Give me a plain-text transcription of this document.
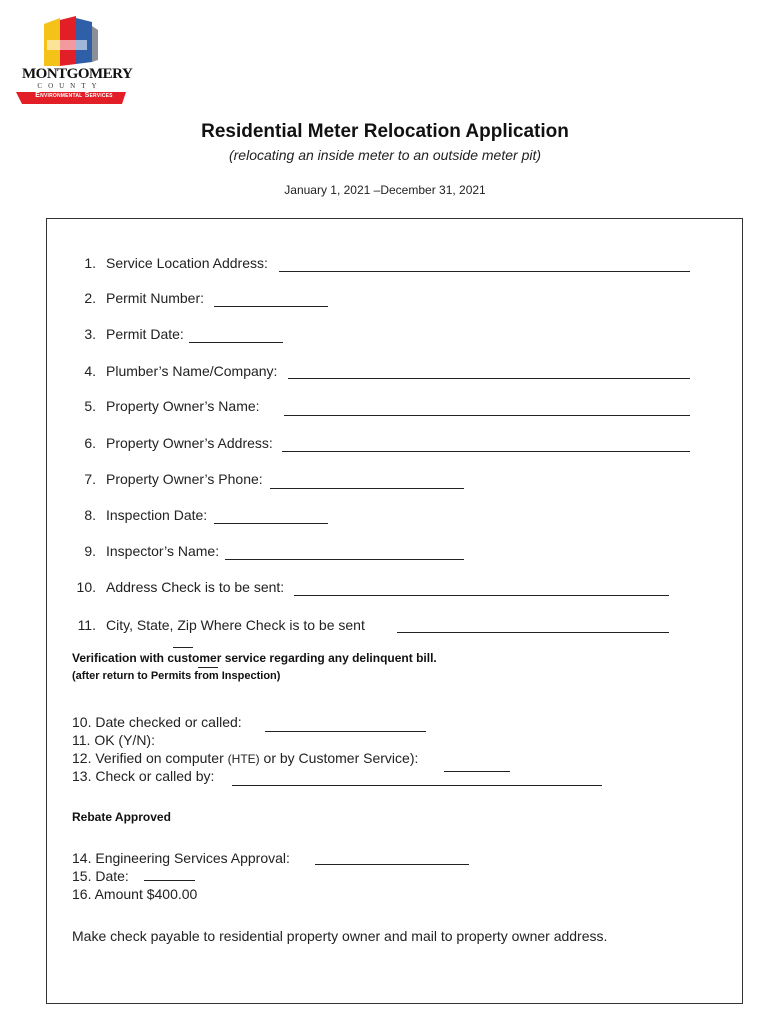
MONTGOMERY
COUNTY
Environmental Services
Residential Meter Relocation Application
(relocating an inside meter to an outside meter pit)
January 1, 2021 –December 31, 2021
1. Service Location Address:
2. Permit Number:
3. Permit Date:
4. Plumber’s Name/Company:
5. Property Owner’s Name:
6. Property Owner’s Address:
7. Property Owner’s Phone:
8. Inspection Date:
9. Inspector’s Name:
10. Address Check is to be sent:
11. City, State, Zip Where Check is to be sent
Verification with customer service regarding any delinquent bill.
(after return to Permits from Inspection)
10. Date checked or called:
11. OK (Y/N):
12. Verified on computer (HTE) or by Customer Service):
13. Check or called by:
Rebate Approved
14. Engineering Services Approval:
15. Date:
16. Amount $400.00
Make check payable to residential property owner and mail to property owner address.
